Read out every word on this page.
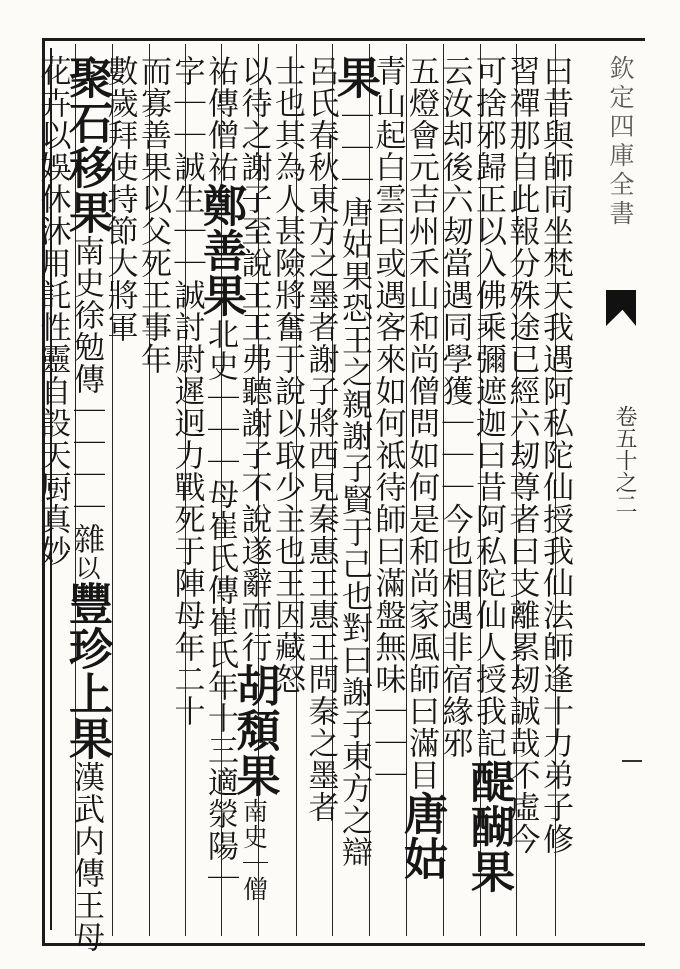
欽定四庫全書
卷五十之二
曰昔與師同坐梵天我遇阿私陀仙授我仙法師逢十力弟子修
習禪那自此報分殊途已經六刼尊者曰支離累刼誠哉不虛今
可捨邪歸正以入佛乘彌遮迦曰昔阿私陀仙人授我記醍醐果
云汝却後六刼當遇同學獲｜｜｜今也相遇非宿緣邪
五燈會元吉州禾山和尚僧問如何是和尚家風師曰滿目唐姑
青山起白雲曰或遇客來如何祗待師曰滿盤無味｜｜｜
果｜｜｜唐姑果恐王之親謝子賢于己也對曰謝子東方之辯
呂氏春秋東方之墨者謝子將西見秦惠王惠王問秦之墨者
士也其為人甚險將奮于說以取少主也王因藏怒
以待之謝子至說王王弗聽謝子不說遂辭而行胡頽果南史｜僧
祐傳僧祐鄭善果北史｜｜｜母崔氏傳崔氏年十三適滎陽｜
字｜｜誠生｜｜誠討尉遲迥力戰死于陣母年二十
而寡善果以父死王事年
數歲拜使持節大將軍
聚石移果南史徐勉傳｜｜｜｜雜以豐珍上果漢武内傳王母
花卉以娛休沐用託性靈自設天厨真妙
